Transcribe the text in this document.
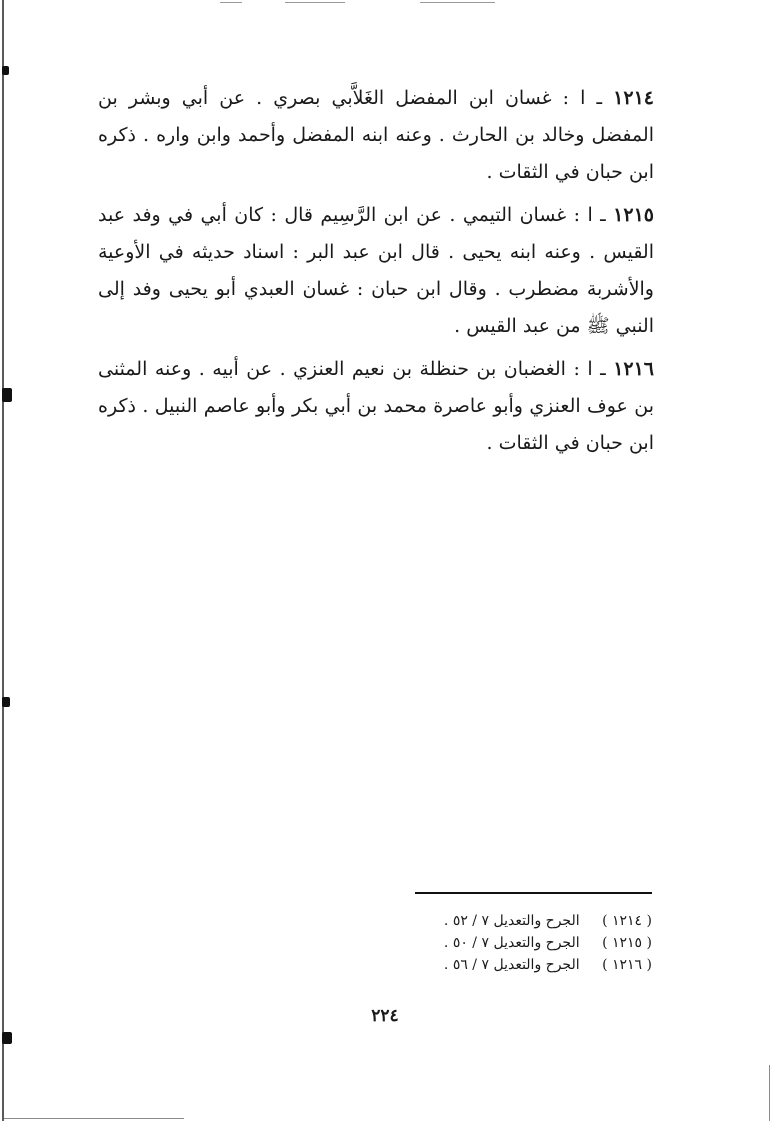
١٢١٤ ـ ا : غسان ابن المفضل الغَلاَّبي بصري . عن أبي وبشر بن المفضل وخالد بن الحارث . وعنه ابنه المفضل وأحمد وابن واره . ذكره ابن حبان في الثقات .

١٢١٥ ـ ا : غسان التيمي . عن ابن الرَّسِيم قال : كان أبي في وفد عبد القيس . وعنه ابنه يحيى . قال ابن عبد البر : اسناد حديثه في الأوعية والأشربة مضطرب . وقال ابن حبان : غسان العبدي أبو يحيى وفد إلى النبي ﷺ من عبد القيس .

١٢١٦ ـ ا : الغضبان بن حنظلة بن نعيم العنزي . عن أبيه . وعنه المثنى بن عوف العنزي وأبو عاصرة محمد بن أبي بكر وأبو عاصم النبيل . ذكره ابن حبان في الثقات .

( ١٢١٤ ) الجرح والتعديل ٧ / ٥٢ .
( ١٢١٥ ) الجرح والتعديل ٧ / ٥٠ .
( ١٢١٦ ) الجرح والتعديل ٧ / ٥٦ .
٢٢٤
